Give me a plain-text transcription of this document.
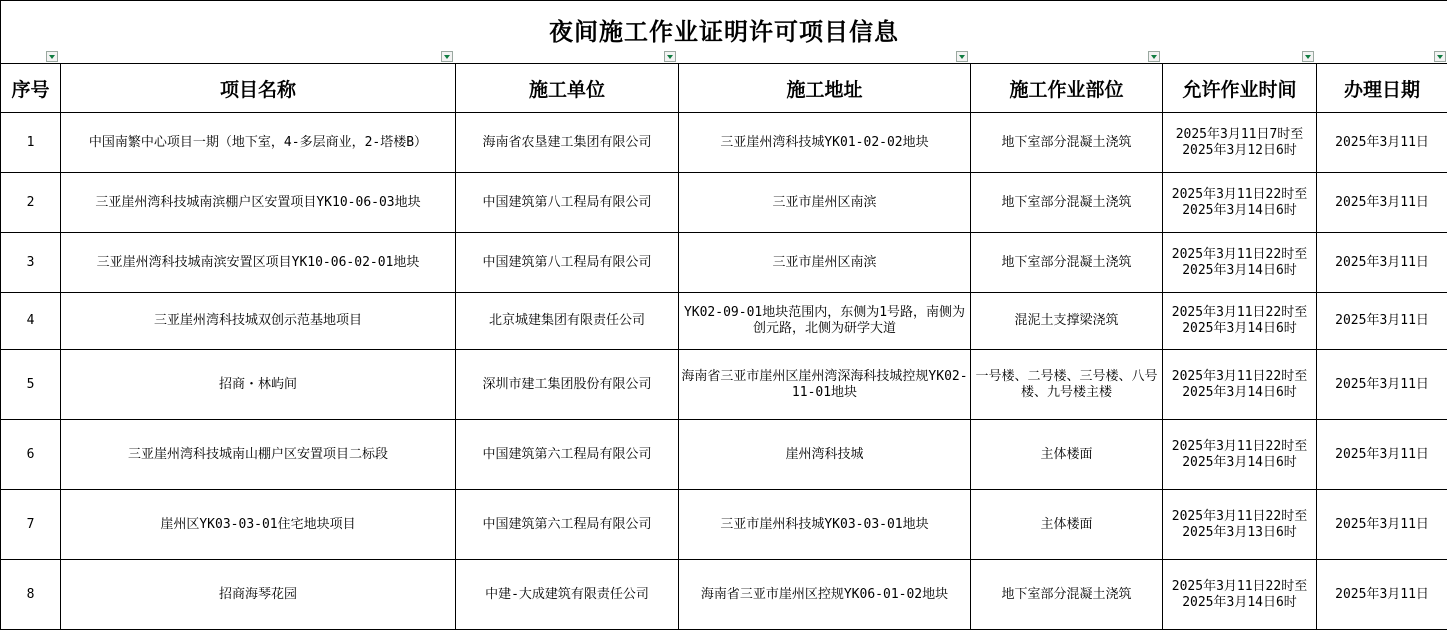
夜间施工作业证明许可项目信息						

序号	项目名称	施工单位	施工地址	施工作业部位	允许作业时间	办理日期
1	中国南繁中心项目一期（地下室，4-多层商业，2-塔楼B）	海南省农垦建工集团有限公司	三亚崖州湾科技城YK01-02-02地块	地下室部分混凝土浇筑	2025年3月11日7时至
2025年3月12日6时	2025年3月11日
2	三亚崖州湾科技城南滨棚户区安置项目YK10-06-03地块	中国建筑第八工程局有限公司	三亚市崖州区南滨	地下室部分混凝土浇筑	2025年3月11日22时至
2025年3月14日6时	2025年3月11日
3	三亚崖州湾科技城南滨安置区项目YK10-06-02-01地块	中国建筑第八工程局有限公司	三亚市崖州区南滨	地下室部分混凝土浇筑	2025年3月11日22时至
2025年3月14日6时	2025年3月11日
4	三亚崖州湾科技城双创示范基地项目	北京城建集团有限责任公司	YK02-09-01地块范围内，东侧为1号路，南侧为创元路，北侧为研学大道	混泥土支撑梁浇筑	2025年3月11日22时至
2025年3月14日6时	2025年3月11日
5	招商・林屿间	深圳市建工集团股份有限公司	海南省三亚市崖州区崖州湾深海科技城控规YK02-11-01地块	一号楼、二号楼、三号楼、八号楼、九号楼主楼	2025年3月11日22时至
2025年3月14日6时	2025年3月11日
6	三亚崖州湾科技城南山棚户区安置项目二标段	中国建筑第六工程局有限公司	崖州湾科技城	主体楼面	2025年3月11日22时至
2025年3月14日6时	2025年3月11日
7	崖州区YK03-03-01住宅地块项目	中国建筑第六工程局有限公司	三亚市崖州科技城YK03-03-01地块	主体楼面	2025年3月11日22时至
2025年3月13日6时	2025年3月11日
8	招商海琴花园	中建-大成建筑有限责任公司	海南省三亚市崖州区控规YK06-01-02地块	地下室部分混凝土浇筑	2025年3月11日22时至
2025年3月14日6时	2025年3月11日
